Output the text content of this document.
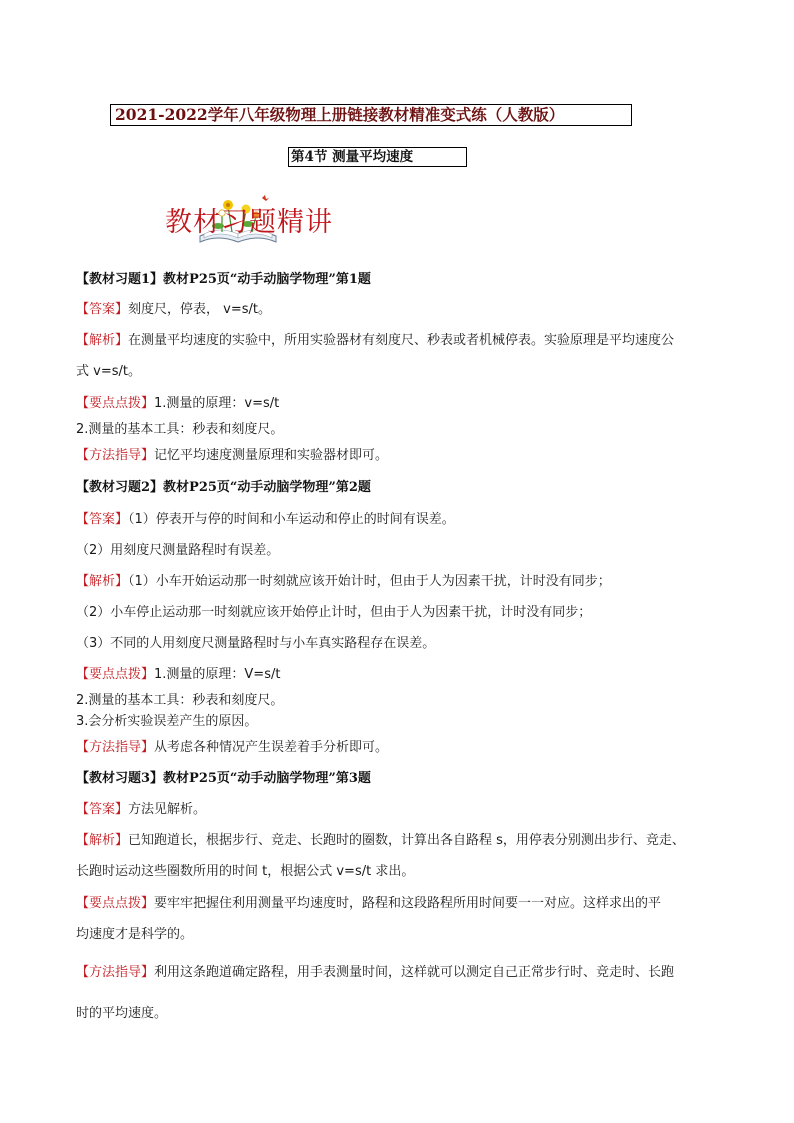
2021-2022学年八年级物理上册链接教材精准变式练（人教版）
第4节 测量平均速度
教材习题精讲
【教材习题1】教材P25页“动手动脑学物理”第1题
【答案】刻度尺，停表， v=s/t。
【解析】在测量平均速度的实验中，所用实验器材有刻度尺、秒表或者机械停表。实验原理是平均速度公
式 v=s/t。
【要点点拨】1.测量的原理：v=s/t
2.测量的基本工具：秒表和刻度尺。
【方法指导】记忆平均速度测量原理和实验器材即可。
【教材习题2】教材P25页“动手动脑学物理”第2题
【答案】（1）停表开与停的时间和小车运动和停止的时间有误差。
（2）用刻度尺测量路程时有误差。
【解析】（1）小车开始运动那一时刻就应该开始计时，但由于人为因素干扰，计时没有同步；
（2）小车停止运动那一时刻就应该开始停止计时，但由于人为因素干扰，计时没有同步；
（3）不同的人用刻度尺测量路程时与小车真实路程存在误差。
【要点点拨】1.测量的原理：V=s/t
2.测量的基本工具：秒表和刻度尺。
3.会分析实验误差产生的原因。
【方法指导】从考虑各种情况产生误差着手分析即可。
【教材习题3】教材P25页“动手动脑学物理”第3题
【答案】方法见解析。
【解析】已知跑道长，根据步行、竞走、长跑时的圈数，计算出各自路程 s，用停表分别测出步行、竞走、
长跑时运动这些圈数所用的时间 t，根据公式 v=s/t 求出。
【要点点拨】要牢牢把握住利用测量平均速度时，路程和这段路程所用时间要一一对应。这样求出的平
均速度才是科学的。
【方法指导】利用这条跑道确定路程，用手表测量时间，这样就可以测定自己正常步行时、竞走时、长跑
时的平均速度。
